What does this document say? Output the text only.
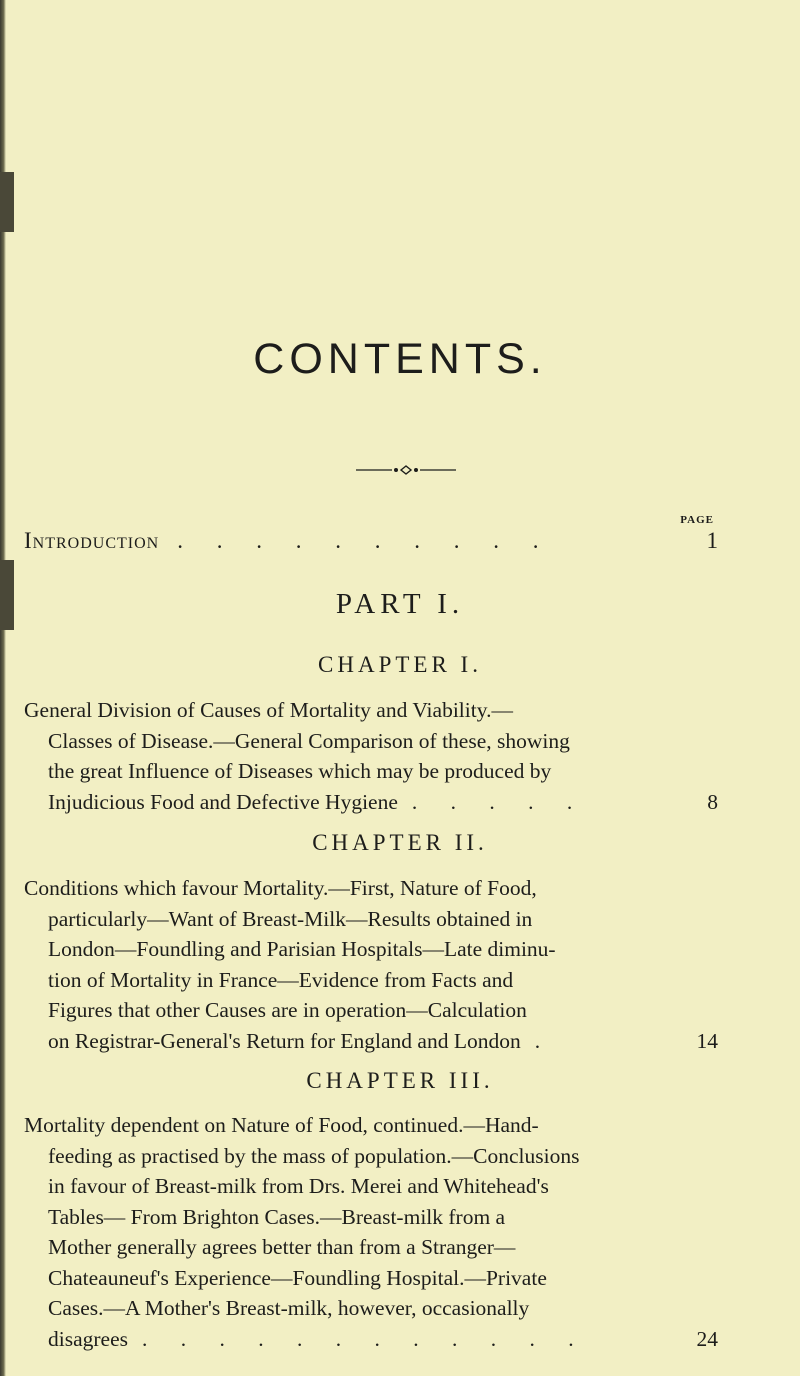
CONTENTS.
PAGE
Introduction . . . . . . . . . .	1
PART I.
CHAPTER I.
General Division of Causes of Mortality and Viability.—
Classes of Disease.—General Comparison of these, showing
the great Influence of Diseases which may be produced by
Injudicious Food and Defective Hygiene . . . . .	8
CHAPTER II.
Conditions which favour Mortality.—First, Nature of Food,
particularly—Want of Breast-Milk—Results obtained in
London—Foundling and Parisian Hospitals—Late diminu-
tion of Mortality in France—Evidence from Facts and
Figures that other Causes are in operation—Calculation
on Registrar-General's Return for England and London .	14
CHAPTER III.
Mortality dependent on Nature of Food, continued.—Hand-
feeding as practised by the mass of population.—Conclusions
in favour of Breast-milk from Drs. Merei and Whitehead's
Tables— From Brighton Cases.—Breast-milk from a
Mother generally agrees better than from a Stranger—
Chateauneuf's Experience—Foundling Hospital.—Private
Cases.—A Mother's Breast-milk, however, occasionally
disagrees . . . . . . . . . . . .	24
